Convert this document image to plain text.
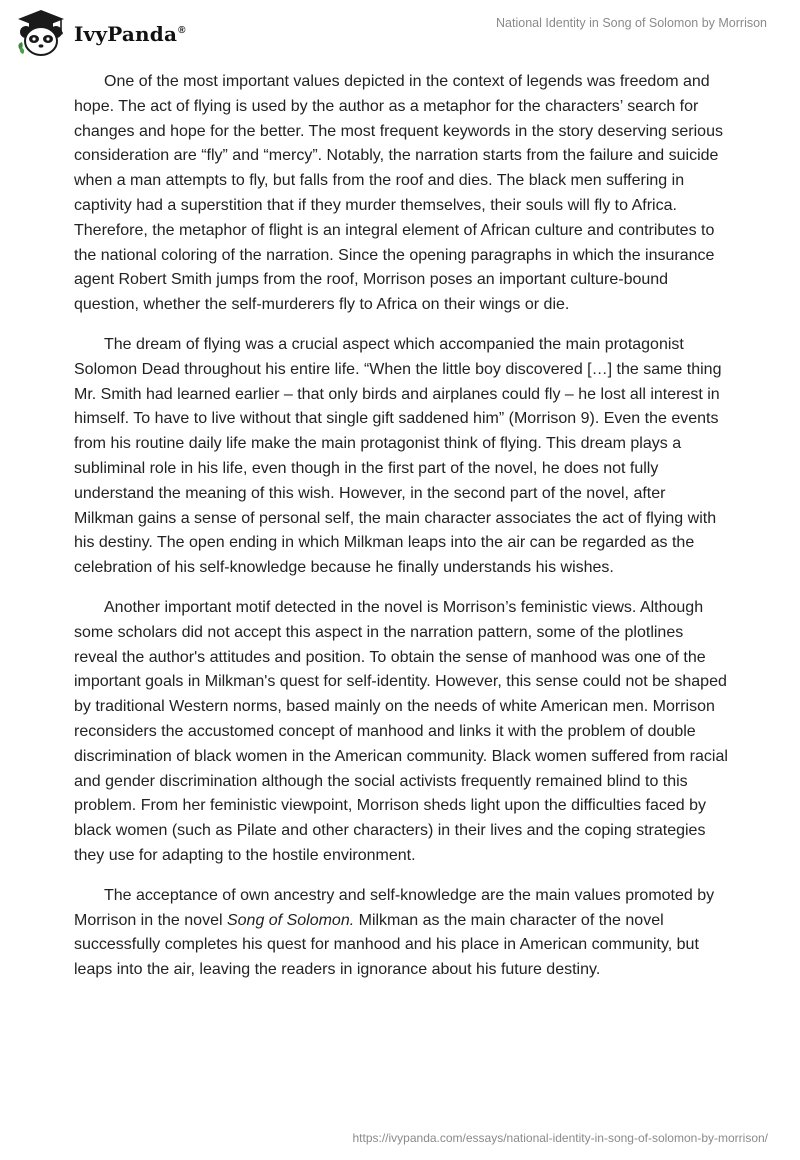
IvyPanda®
National Identity in Song of Solomon by Morrison

One of the most important values depicted in the context of legends was freedom and hope. The act of flying is used by the author as a metaphor for the characters’ search for changes and hope for the better. The most frequent keywords in the story deserving serious consideration are “fly” and “mercy”. Notably, the narration starts from the failure and suicide when a man attempts to fly, but falls from the roof and dies. The black men suffering in captivity had a superstition that if they murder themselves, their souls will fly to Africa. Therefore, the metaphor of flight is an integral element of African culture and contributes to the national coloring of the narration. Since the opening paragraphs in which the insurance agent Robert Smith jumps from the roof, Morrison poses an important culture-bound question, whether the self-murderers fly to Africa on their wings or die.

The dream of flying was a crucial aspect which accompanied the main protagonist Solomon Dead throughout his entire life. “When the little boy discovered […] the same thing Mr. Smith had learned earlier – that only birds and airplanes could fly – he lost all interest in himself. To have to live without that single gift saddened him” (Morrison 9). Even the events from his routine daily life make the main protagonist think of flying. This dream plays a subliminal role in his life, even though in the first part of the novel, he does not fully understand the meaning of this wish. However, in the second part of the novel, after Milkman gains a sense of personal self, the main character associates the act of flying with his destiny. The open ending in which Milkman leaps into the air can be regarded as the celebration of his self-knowledge because he finally understands his wishes.

Another important motif detected in the novel is Morrison’s feministic views. Although some scholars did not accept this aspect in the narration pattern, some of the plotlines reveal the author's attitudes and position. To obtain the sense of manhood was one of the important goals in Milkman's quest for self-identity. However, this sense could not be shaped by traditional Western norms, based mainly on the needs of white American men. Morrison reconsiders the accustomed concept of manhood and links it with the problem of double discrimination of black women in the American community. Black women suffered from racial and gender discrimination although the social activists frequently remained blind to this problem. From her feministic viewpoint, Morrison sheds light upon the difficulties faced by black women (such as Pilate and other characters) in their lives and the coping strategies they use for adapting to the hostile environment.

The acceptance of own ancestry and self-knowledge are the main values promoted by Morrison in the novel Song of Solomon. Milkman as the main character of the novel successfully completes his quest for manhood and his place in American community, but leaps into the air, leaving the readers in ignorance about his future destiny.

https://ivypanda.com/essays/national-identity-in-song-of-solomon-by-morrison/
